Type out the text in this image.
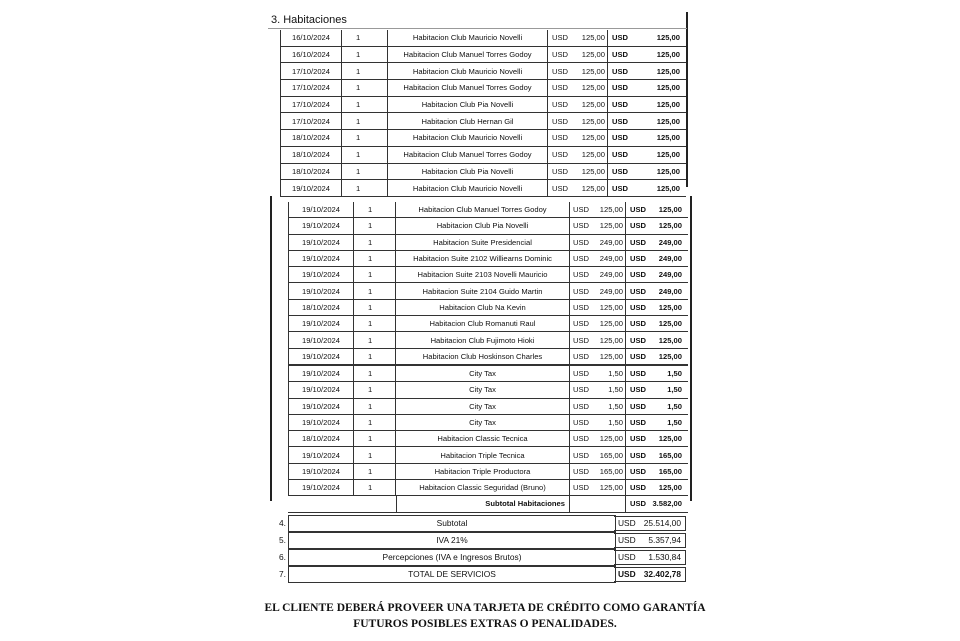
3. Habitaciones
16/10/2024	1	Habitacion Club Mauricio Novelli	USD	125,00 USD	125,00
16/10/2024	1	Habitacion Club Manuel Torres Godoy	USD	125,00 USD	125,00
17/10/2024	1	Habitacion Club Mauricio Novelli	USD	125,00 USD	125,00
17/10/2024	1	Habitacion Club Manuel Torres Godoy	USD	125,00 USD	125,00
17/10/2024	1	Habitacion Club Pia Novelli	USD	125,00 USD	125,00
17/10/2024	1	Habitacion Club Hernan Gil	USD	125,00 USD	125,00
18/10/2024	1	Habitacion Club Mauricio Novelli	USD	125,00 USD	125,00
18/10/2024	1	Habitacion Club Manuel Torres Godoy	USD	125,00 USD	125,00
18/10/2024	1	Habitacion Club Pia Novelli	USD	125,00 USD	125,00
19/10/2024	1	Habitacion Club Mauricio Novelli	USD	125,00 USD	125,00
19/10/2024	1	Habitacion Club Manuel Torres Godoy	USD	125,00 USD	125,00
19/10/2024	1	Habitacion Club Pia Novelli	USD	125,00 USD	125,00
19/10/2024	1	Habitacion Suite Presidencial	USD	249,00 USD	249,00
19/10/2024	1	Habitacion Suite 2102 Williearns Dominic	USD	249,00 USD	249,00
19/10/2024	1	Habitacion Suite 2103 Novelli Mauricio	USD	249,00 USD	249,00
19/10/2024	1	Habitacion Suite 2104 Guido Martin	USD	249,00 USD	249,00
18/10/2024	1	Habitacion Club Na Kevin	USD	125,00 USD	125,00
19/10/2024	1	Habitacion Club Romanuti Raul	USD	125,00 USD	125,00
19/10/2024	1	Habitacion Club Fujimoto Hioki	USD	125,00 USD	125,00
19/10/2024	1	Habitacion Club Hoskinson Charles	USD	125,00 USD	125,00
19/10/2024	1	City Tax	USD	1,50 USD	1,50
19/10/2024	1	City Tax	USD	1,50 USD	1,50
19/10/2024	1	City Tax	USD	1,50 USD	1,50
19/10/2024	1	City Tax	USD	1,50 USD	1,50
18/10/2024	1	Habitacion Classic Tecnica	USD	125,00 USD	125,00
19/10/2024	1	Habitacion Triple Tecnica	USD	165,00 USD	165,00
19/10/2024	1	Habitacion Triple Productora	USD	165,00 USD	165,00
19/10/2024	1	Habitacion Classic Seguridad (Bruno)	USD	125,00 USD	125,00
Subtotal Habitaciones	USD 3.582,00
4.	Subtotal	USD 25.514,00
5.	IVA 21%	USD 5.357,94
6.	Percepciones (IVA e Ingresos Brutos)	USD 1.530,84
7.	TOTAL DE SERVICIOS	USD 32.402,78
EL CLIENTE DEBERÁ PROVEER UNA TARJETA DE CRÉDITO COMO GARANTÍA
FUTUROS POSIBLES EXTRAS O PENALIDADES.
